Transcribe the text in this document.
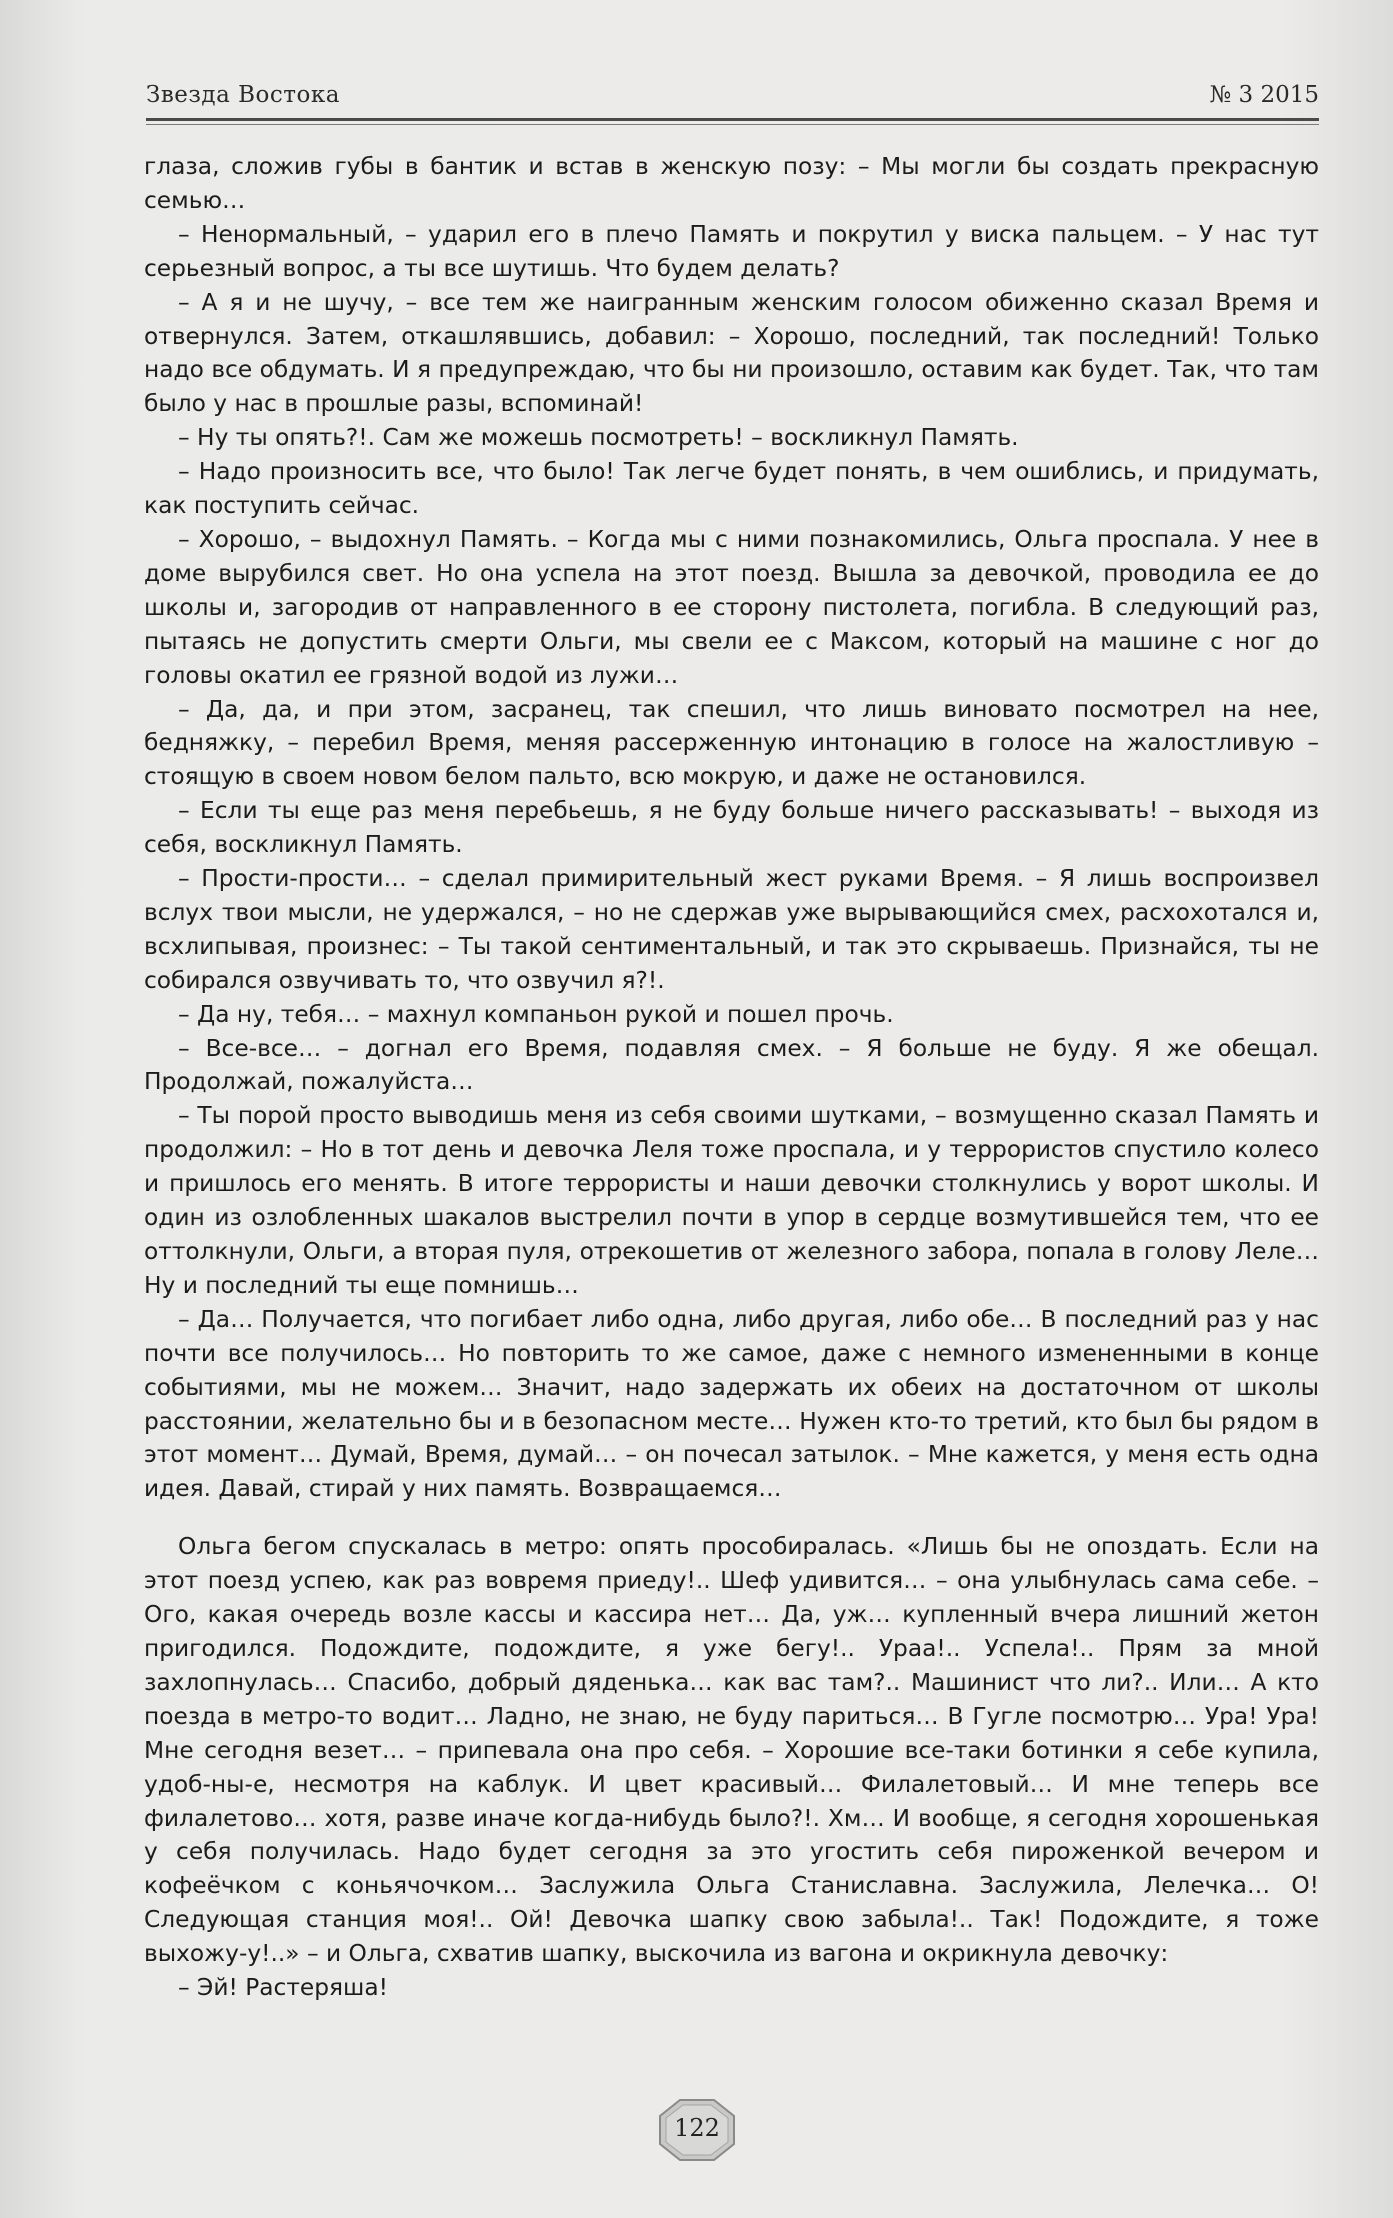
Звезда Востока	№ 3 2015

глаза, сложив губы в бантик и встав в женскую позу: – Мы могли бы создать прекрасную семью…

– Ненормальный, – ударил его в плечо Память и покрутил у виска пальцем. – У нас тут серьезный вопрос, а ты все шутишь. Что будем делать?

– А я и не шучу, – все тем же наигранным женским голосом обиженно сказал Время и отвернулся. Затем, откашлявшись, добавил: – Хорошо, последний, так последний! Только надо все обдумать. И я предупреждаю, что бы ни произошло, оставим как будет. Так, что там было у нас в прошлые разы, вспоминай!

– Ну ты опять?!. Сам же можешь посмотреть! – воскликнул Память.

– Надо произносить все, что было! Так легче будет понять, в чем ошиблись, и придумать, как поступить сейчас.

– Хорошо, – выдохнул Память. – Когда мы с ними познакомились, Ольга проспала. У нее в доме вырубился свет. Но она успела на этот поезд. Вышла за девочкой, проводила ее до школы и, загородив от направленного в ее сторону пистолета, погибла. В следующий раз, пытаясь не допустить смерти Ольги, мы свели ее с Максом, который на машине с ног до головы окатил ее грязной водой из лужи…

– Да, да, и при этом, засранец, так спешил, что лишь виновато посмотрел на нее, бедняжку, – перебил Время, меняя рассерженную интонацию в голосе на жалостливую – стоящую в своем новом белом пальто, всю мокрую, и даже не остановился.

– Если ты еще раз меня перебьешь, я не буду больше ничего рассказывать! – выходя из себя, воскликнул Память.

– Прости-прости… – сделал примирительный жест руками Время. – Я лишь воспроизвел вслух твои мысли, не удержался, – но не сдержав уже вырывающийся смех, расхохотался и, всхлипывая, произнес: – Ты такой сентиментальный, и так это скрываешь. Признайся, ты не собирался озвучивать то, что озвучил я?!.

– Да ну, тебя… – махнул компаньон рукой и пошел прочь.

– Все-все… – догнал его Время, подавляя смех. – Я больше не буду. Я же обещал. Продолжай, пожалуйста…

– Ты порой просто выводишь меня из себя своими шутками, – возмущенно сказал Память и продолжил: – Но в тот день и девочка Леля тоже проспала, и у террористов спустило колесо и пришлось его менять. В итоге террористы и наши девочки столкнулись у ворот школы. И один из озлобленных шакалов выстрелил почти в упор в сердце возмутившейся тем, что ее оттолкнули, Ольги, а вторая пуля, отрекошетив от железного забора, попала в голову Леле… Ну и последний ты еще помнишь…

– Да… Получается, что погибает либо одна, либо другая, либо обе… В последний раз у нас почти все получилось… Но повторить то же самое, даже с немного измененными в конце событиями, мы не можем… Значит, надо задержать их обеих на достаточном от школы расстоянии, желательно бы и в безопасном месте… Нужен кто-то третий, кто был бы рядом в этот момент… Думай, Время, думай… – он почесал затылок. – Мне кажется, у меня есть одна идея. Давай, стирай у них память. Возвращаемся…

Ольга бегом спускалась в метро: опять прособиралась. «Лишь бы не опоздать. Если на этот поезд успею, как раз вовремя приеду!.. Шеф удивится… – она улыбнулась сама себе. – Ого, какая очередь возле кассы и кассира нет… Да, уж… купленный вчера лишний жетон пригодился. Подождите, подождите, я уже бегу!.. Ураа!.. Успела!.. Прям за мной захлопнулась… Спасибо, добрый дяденька… как вас там?.. Машинист что ли?.. Или… А кто поезда в метро-то водит… Ладно, не знаю, не буду париться… В Гугле посмотрю… Ура! Ура! Мне сегодня везет… – припевала она про себя. – Хорошие все-таки ботинки я себе купила, удоб-ны-е, несмотря на каблук. И цвет красивый… Филалетовый… И мне теперь все филалетово… хотя, разве иначе когда-нибудь было?!. Хм… И вообще, я сегодня хорошенькая у себя получилась. Надо будет сегодня за это угостить себя пироженкой вечером и кофеёчком с коньячочком… Заслужила Ольга Станиславна. Заслужила, Лелечка… О! Следующая станция моя!.. Ой! Девочка шапку свою забыла!.. Так! Подождите, я тоже выхожу-у!..» – и Ольга, схватив шапку, выскочила из вагона и окрикнула девочку:

– Эй! Растеряша!

122
